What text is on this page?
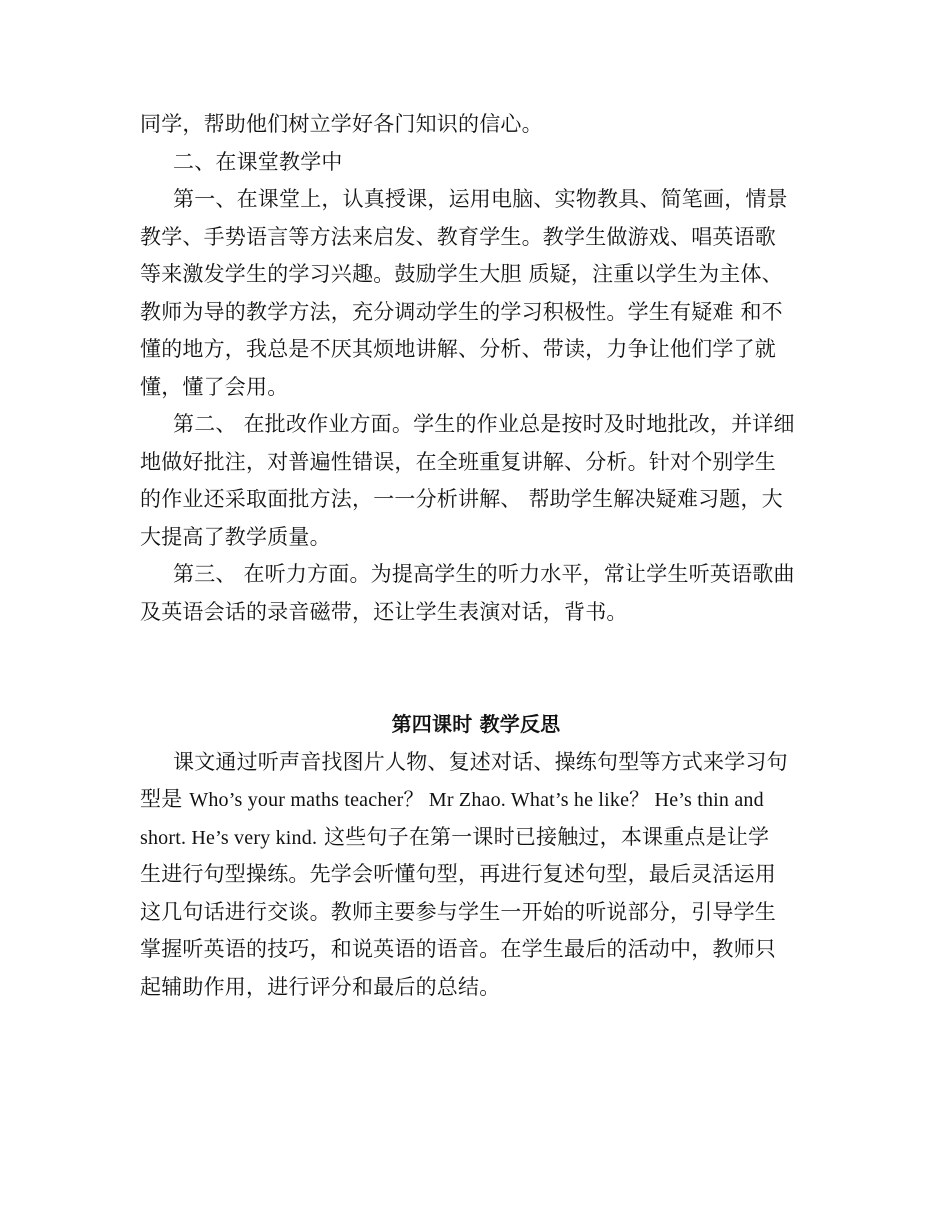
同学，帮助他们树立学好各门知识的信心。
二、在课堂教学中
第一、在课堂上，认真授课，运用电脑、实物教具、简笔画，情景
教学、手势语言等方法来启发、教育学生。教学生做游戏、唱英语歌
等来激发学生的学习兴趣。鼓励学生大胆 质疑，注重以学生为主体、
教师为导的教学方法，充分调动学生的学习积极性。学生有疑难 和不
懂的地方，我总是不厌其烦地讲解、分析、带读，力争让他们学了就
懂，懂了会用。
第二、 在批改作业方面。学生的作业总是按时及时地批改，并详细
地做好批注，对普遍性错误，在全班重复讲解、分析。针对个别学生
的作业还采取面批方法，一一分析讲解、 帮助学生解决疑难习题，大
大提高了教学质量。
第三、 在听力方面。为提高学生的听力水平，常让学生听英语歌曲
及英语会话的录音磁带，还让学生表演对话，背书。
第四课时 教学反思
课文通过听声音找图片人物、复述对话、操练句型等方式来学习句
型是 Who’s your maths teacher？ Mr Zhao. What’s he like？ He’s thin and
short. He’s very kind. 这些句子在第一课时已接触过，本课重点是让学
生进行句型操练。先学会听懂句型，再进行复述句型，最后灵活运用
这几句话进行交谈。教师主要参与学生一开始的听说部分，引导学生
掌握听英语的技巧，和说英语的语音。在学生最后的活动中，教师只
起辅助作用，进行评分和最后的总结。
